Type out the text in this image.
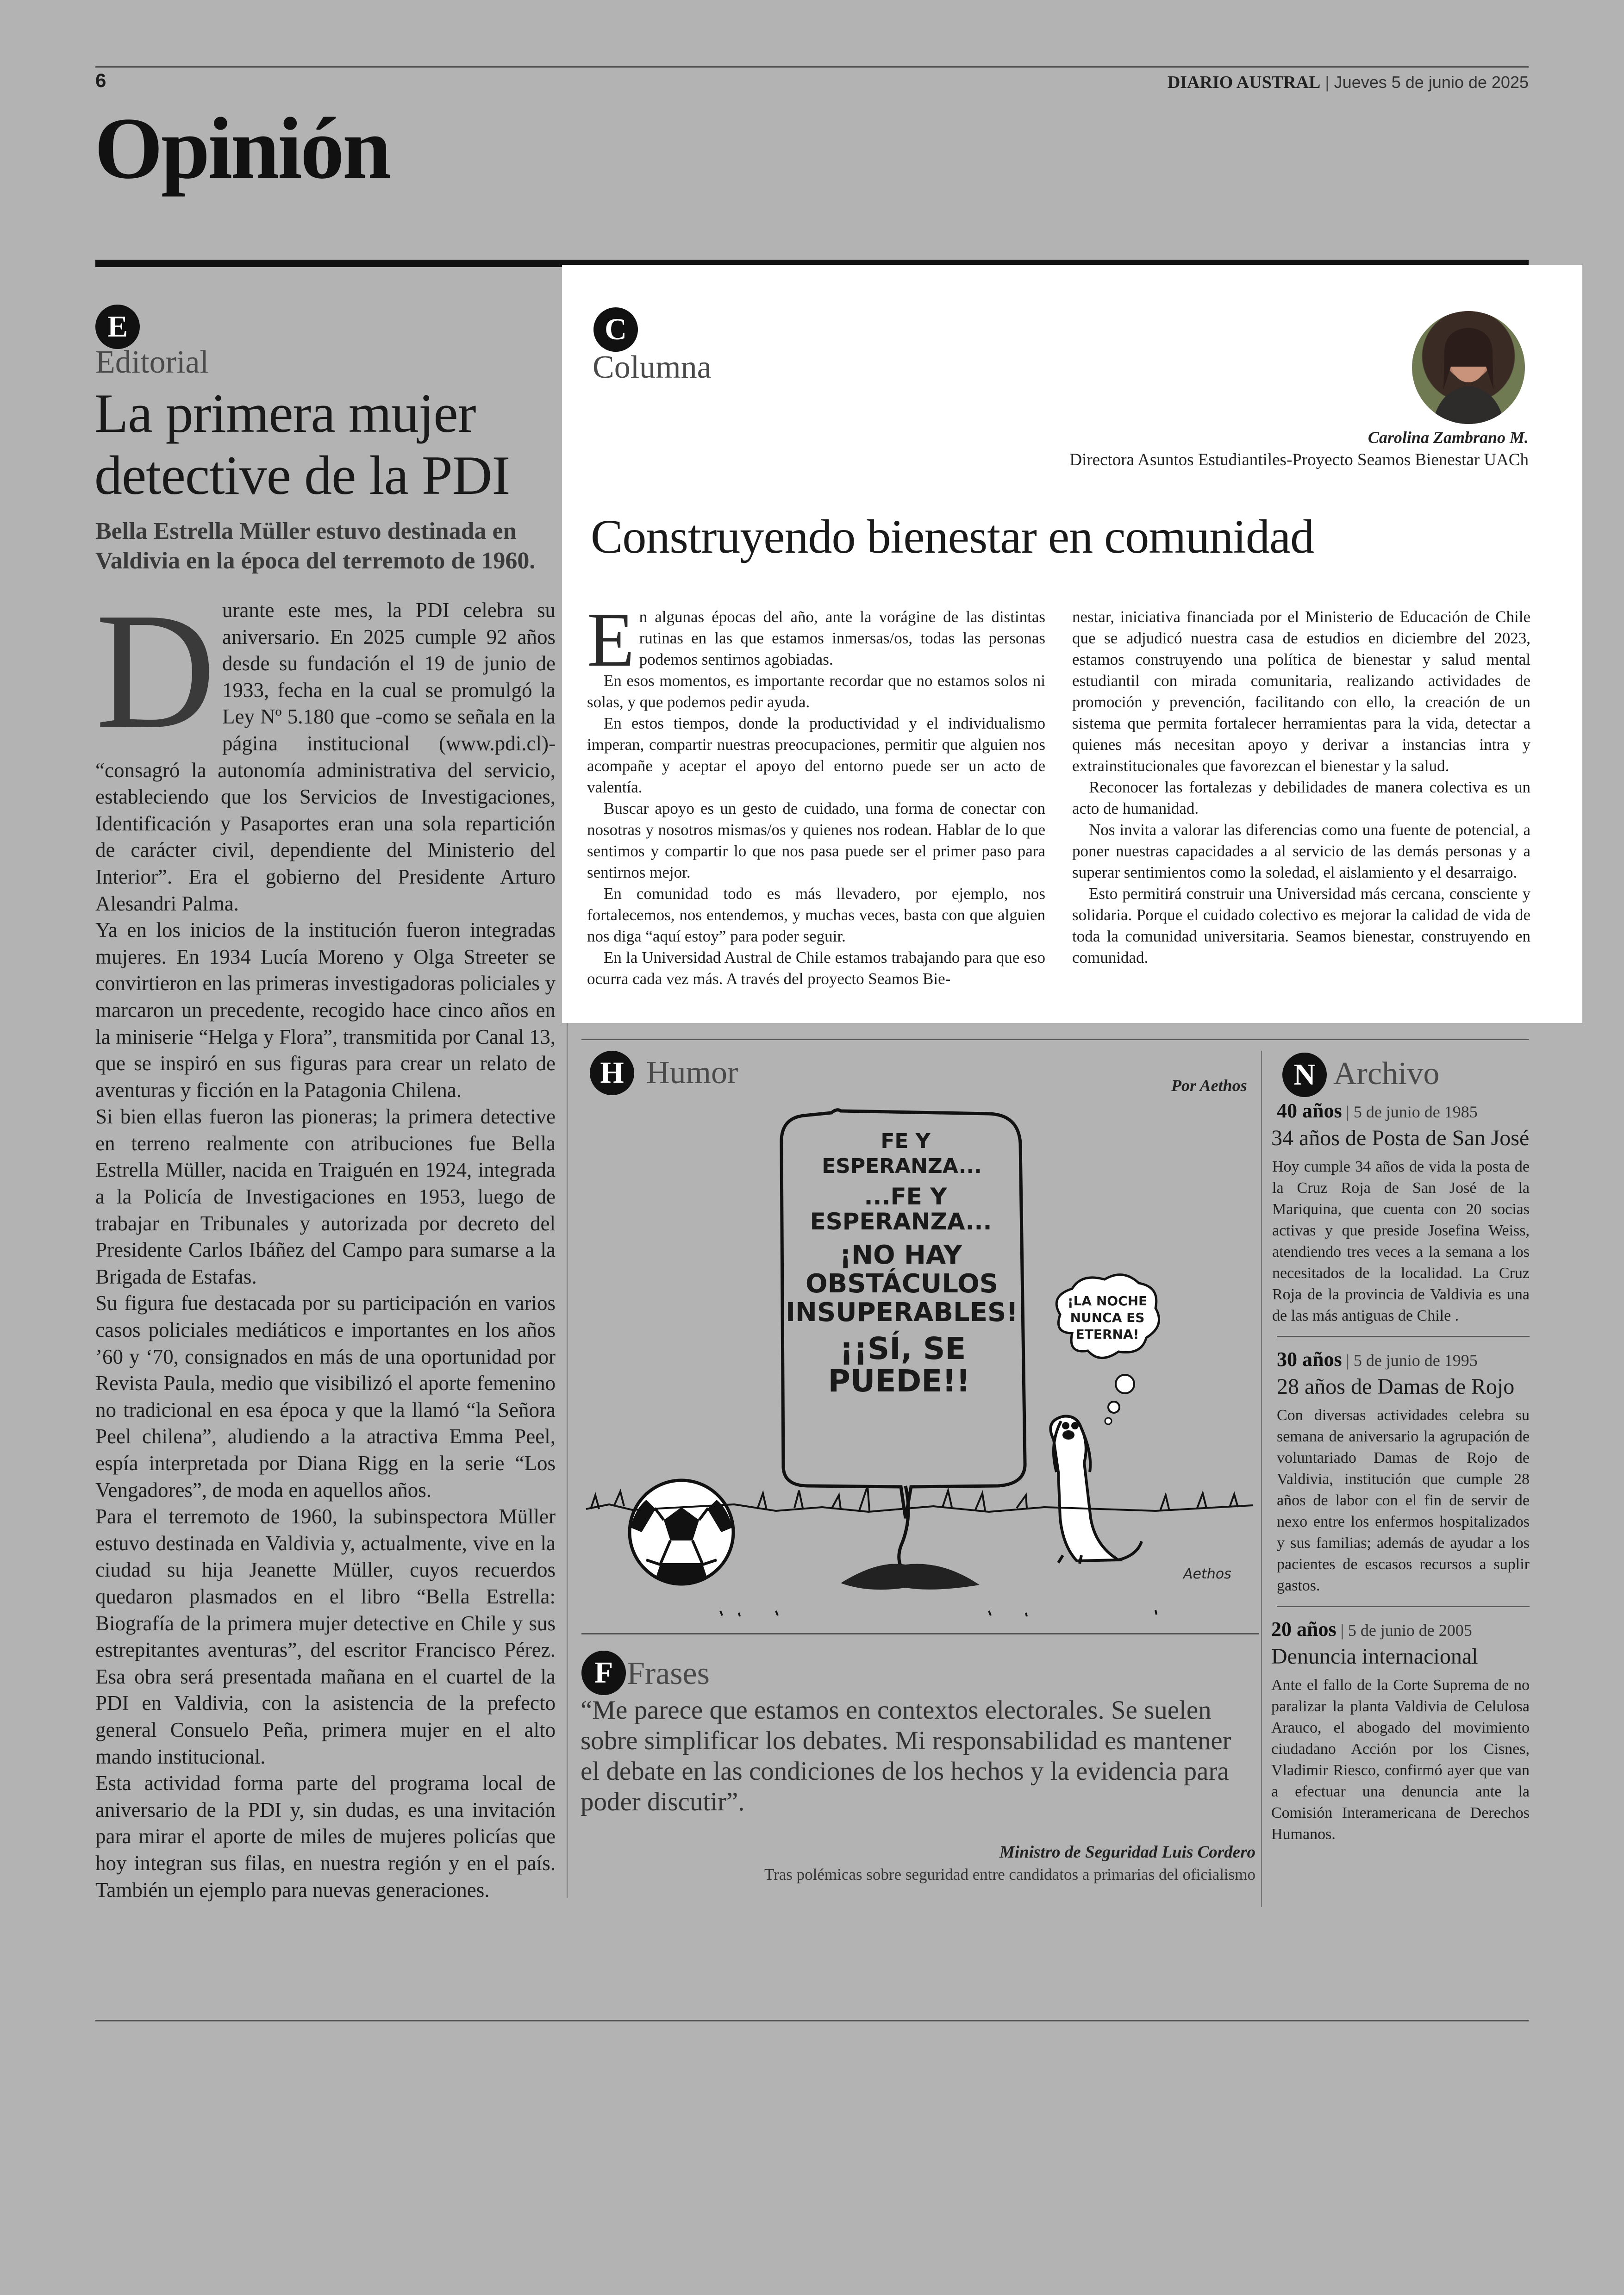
6	DIARIO AUSTRAL | Jueves 5 de junio de 2025
Opinión
E
Editorial
La primera mujer detective de la PDI
Bella Estrella Müller estuvo destinada en Valdivia en la época del terremoto de 1960.
D urante este mes, la PDI celebra su aniversario. En 2025 cumple 92 años desde su fundación el 19 de junio de 1933, fecha en la cual se promulgó la Ley Nº 5.180 que -como se señala en la página institucional (www.pdi.cl)- “consagró la autonomía administrativa del servicio, estableciendo que los Servicios de Investigaciones, Identificación y Pasaportes eran una sola repartición de carácter civil, dependiente del Ministerio del Interior”. Era el gobierno del Presidente Arturo Alesandri Palma.

Ya en los inicios de la institución fueron integradas mujeres. En 1934 Lucía Moreno y Olga Streeter se convirtieron en las primeras investigadoras policiales y marcaron un precedente, recogido hace cinco años en la miniserie “Helga y Flora”, transmitida por Canal 13, que se inspiró en sus figuras para crear un relato de aventuras y ficción en la Patagonia Chilena.

Si bien ellas fueron las pioneras; la primera detective en terreno realmente con atribuciones fue Bella Estrella Müller, nacida en Traiguén en 1924, integrada a la Policía de Investigaciones en 1953, luego de trabajar en Tribunales y autorizada por decreto del Presidente Carlos Ibáñez del Campo para sumarse a la Brigada de Estafas.

Su figura fue destacada por su participación en varios casos policiales mediáticos e importantes en los años ’60 y ‘70, consignados en más de una oportunidad por Revista Paula, medio que visibilizó el aporte femenino no tradicional en esa época y que la llamó “la Señora Peel chilena”, aludiendo a la atractiva Emma Peel, espía interpretada por Diana Rigg en la serie “Los Vengadores”, de moda en aquellos años.

Para el terremoto de 1960, la subinspectora Müller estuvo destinada en Valdivia y, actualmente, vive en la ciudad su hija Jeanette Müller, cuyos recuerdos quedaron plasmados en el libro “Bella Estrella: Biografía de la primera mujer detective en Chile y sus estrepitantes aventuras”, del escritor Francisco Pérez. Esa obra será presentada mañana en el cuartel de la PDI en Valdivia, con la asistencia de la prefecto general Consuelo Peña, primera mujer en el alto mando institucional.

Esta actividad forma parte del programa local de aniversario de la PDI y, sin dudas, es una invitación para mirar el aporte de miles de mujeres policías que hoy integran sus filas, en nuestra región y en el país. También un ejemplo para nuevas generaciones.

C
Columna
Carolina Zambrano M.
Directora Asuntos Estudiantiles-Proyecto Seamos Bienestar UACh
Construyendo bienestar en comunidad
E n algunas épocas del año, ante la vorágine de las distintas rutinas en las que estamos inmersas/os, todas las personas podemos sentirnos agobiadas.

En esos momentos, es importante recordar que no estamos solos ni solas, y que podemos pedir ayuda.

En estos tiempos, donde la productividad y el individualismo imperan, compartir nuestras preocupaciones, permitir que alguien nos acompañe y aceptar el apoyo del entorno puede ser un acto de valentía.

Buscar apoyo es un gesto de cuidado, una forma de conectar con nosotras y nosotros mismas/os y quienes nos rodean. Hablar de lo que sentimos y compartir lo que nos pasa puede ser el primer paso para sentirnos mejor.

En comunidad todo es más llevadero, por ejemplo, nos fortalecemos, nos entendemos, y muchas veces, basta con que alguien nos diga “aquí estoy” para poder seguir.

En la Universidad Austral de Chile estamos trabajando para que eso ocurra cada vez más. A través del proyecto Seamos Bie-

nestar, iniciativa financiada por el Ministerio de Educación de Chile que se adjudicó nuestra casa de estudios en diciembre del 2023, estamos construyendo una política de bienestar y salud mental estudiantil con mirada comunitaria, realizando actividades de promoción y prevención, facilitando con ello, la creación de un sistema que permita fortalecer herramientas para la vida, detectar a quienes más necesitan apoyo y derivar a instancias intra y extrainstitucionales que favorezcan el bienestar y la salud.

Reconocer las fortalezas y debilidades de manera colectiva es un acto de humanidad.

Nos invita a valorar las diferencias como una fuente de potencial, a poner nuestras capacidades a al servicio de las demás personas y a superar sentimientos como la soledad, el aislamiento y el desarraigo.

Esto permitirá construir una Universidad más cercana, consciente y solidaria. Porque el cuidado colectivo es mejorar la calidad de vida de toda la comunidad universitaria. Seamos bienestar, construyendo en comunidad.

H Humor	Por Aethos
FE Y
ESPERANZA...
...FE Y
ESPERANZA...
¡NO HAY
OBSTÁCULOS
INSUPERABLES!
¡¡SÍ, SE
PUEDE!!
¡LA NOCHE
NUNCA ES
ETERNA!
Aethos
F Frases
“Me parece que estamos en contextos electorales. Se suelen sobre simplificar los debates. Mi responsabilidad es mantener el debate en las condiciones de los hechos y la evidencia para poder discutir”.
Ministro de Seguridad Luis Cordero
Tras polémicas sobre seguridad entre candidatos a primarias del oficialismo
N Archivo
40 años | 5 de junio de 1985
34 años de Posta de San José
Hoy cumple 34 años de vida la posta de la Cruz Roja de San José de la Mariquina, que cuenta con 20 socias activas y que preside Josefina Weiss, atendiendo tres veces a la semana a los necesitados de la localidad. La Cruz Roja de la provincia de Valdivia es una de las más antiguas de Chile .
30 años | 5 de junio de 1995
28 años de Damas de Rojo
Con diversas actividades celebra su semana de aniversario la agrupación de voluntariado Damas de Rojo de Valdivia, institución que cumple 28 años de labor con el fin de servir de nexo entre los enfermos hospitalizados y sus familias; además de ayudar a los pacientes de escasos recursos a suplir gastos.
20 años | 5 de junio de 2005
Denuncia internacional
Ante el fallo de la Corte Suprema de no paralizar la planta Valdivia de Celulosa Arauco, el abogado del movimiento ciudadano Acción por los Cisnes, Vladimir Riesco, confirmó ayer que van a efectuar una denuncia ante la Comisión Interamericana de Derechos Humanos.
